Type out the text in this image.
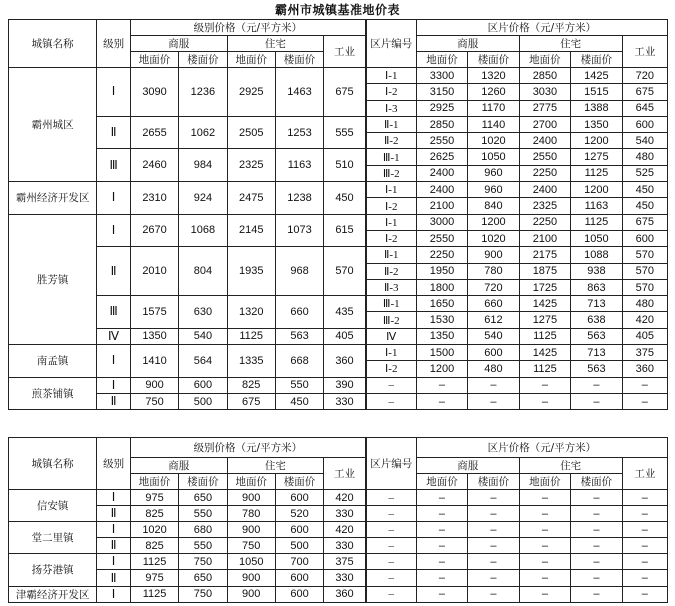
霸州市城镇基准地价表
城镇名称	级别	级别价格（元/平方米）					区片编号	区片价格（元/平方米）				
		商服		住宅		工业		商服		住宅		工业
		地面价	楼面价	地面价	楼面价			地面价	楼面价	地面价	楼面价	
霸州城区	Ⅰ	3090	1236	2925	1463	675	Ⅰ-1	3300	1320	2850	1425	720
							Ⅰ-2	3150	1260	3030	1515	675
							Ⅰ-3	2925	1170	2775	1388	645
	Ⅱ	2655	1062	2505	1253	555	Ⅱ-1	2850	1140	2700	1350	600
							Ⅱ-2	2550	1020	2400	1200	540
	Ⅲ	2460	984	2325	1163	510	Ⅲ-1	2625	1050	2550	1275	480
							Ⅲ-2	2400	960	2250	1125	525
霸州经济开发区	Ⅰ	2310	924	2475	1238	450	Ⅰ-1	2400	960	2400	1200	450
							Ⅰ-2	2100	840	2325	1163	450
胜芳镇	Ⅰ	2670	1068	2145	1073	615	Ⅰ-1	3000	1200	2250	1125	675
							Ⅰ-2	2550	1020	2100	1050	600
	Ⅱ	2010	804	1935	968	570	Ⅱ-1	2250	900	2175	1088	570
							Ⅱ-2	1950	780	1875	938	570
							Ⅱ-3	1800	720	1725	863	570
	Ⅲ	1575	630	1320	660	435	Ⅲ-1	1650	660	1425	713	480
							Ⅲ-2	1530	612	1275	638	420
	Ⅳ	1350	540	1125	563	405	Ⅳ	1350	540	1125	563	405
南孟镇	Ⅰ	1410	564	1335	668	360	Ⅰ-1	1500	600	1425	713	375
							Ⅰ-2	1200	480	1125	563	360
煎茶铺镇	Ⅰ	900	600	825	550	390	–	–	–	–	–	–
	Ⅱ	750	500	675	450	330	–	–	–	–	–	–
城镇名称	级别	级别价格（元/平方米）					区片编号	区片价格（元/平方米）				
		商服		住宅		工业		商服		住宅		工业
		地面价	楼面价	地面价	楼面价			地面价	楼面价	地面价	楼面价	
信安镇	Ⅰ	975	650	900	600	420	–	–	–	–	–	–
	Ⅱ	825	550	780	520	330	–	–	–	–	–	–
堂二里镇	Ⅰ	1020	680	900	600	420	–	–	–	–	–	–
	Ⅱ	825	550	750	500	330	–	–	–	–	–	–
扬芬港镇	Ⅰ	1125	750	1050	700	375	–	–	–	–	–	–
	Ⅱ	975	650	900	600	330	–	–	–	–	–	–
津霸经济开发区	Ⅰ	1125	750	900	600	360	–	–	–	–	–	–
